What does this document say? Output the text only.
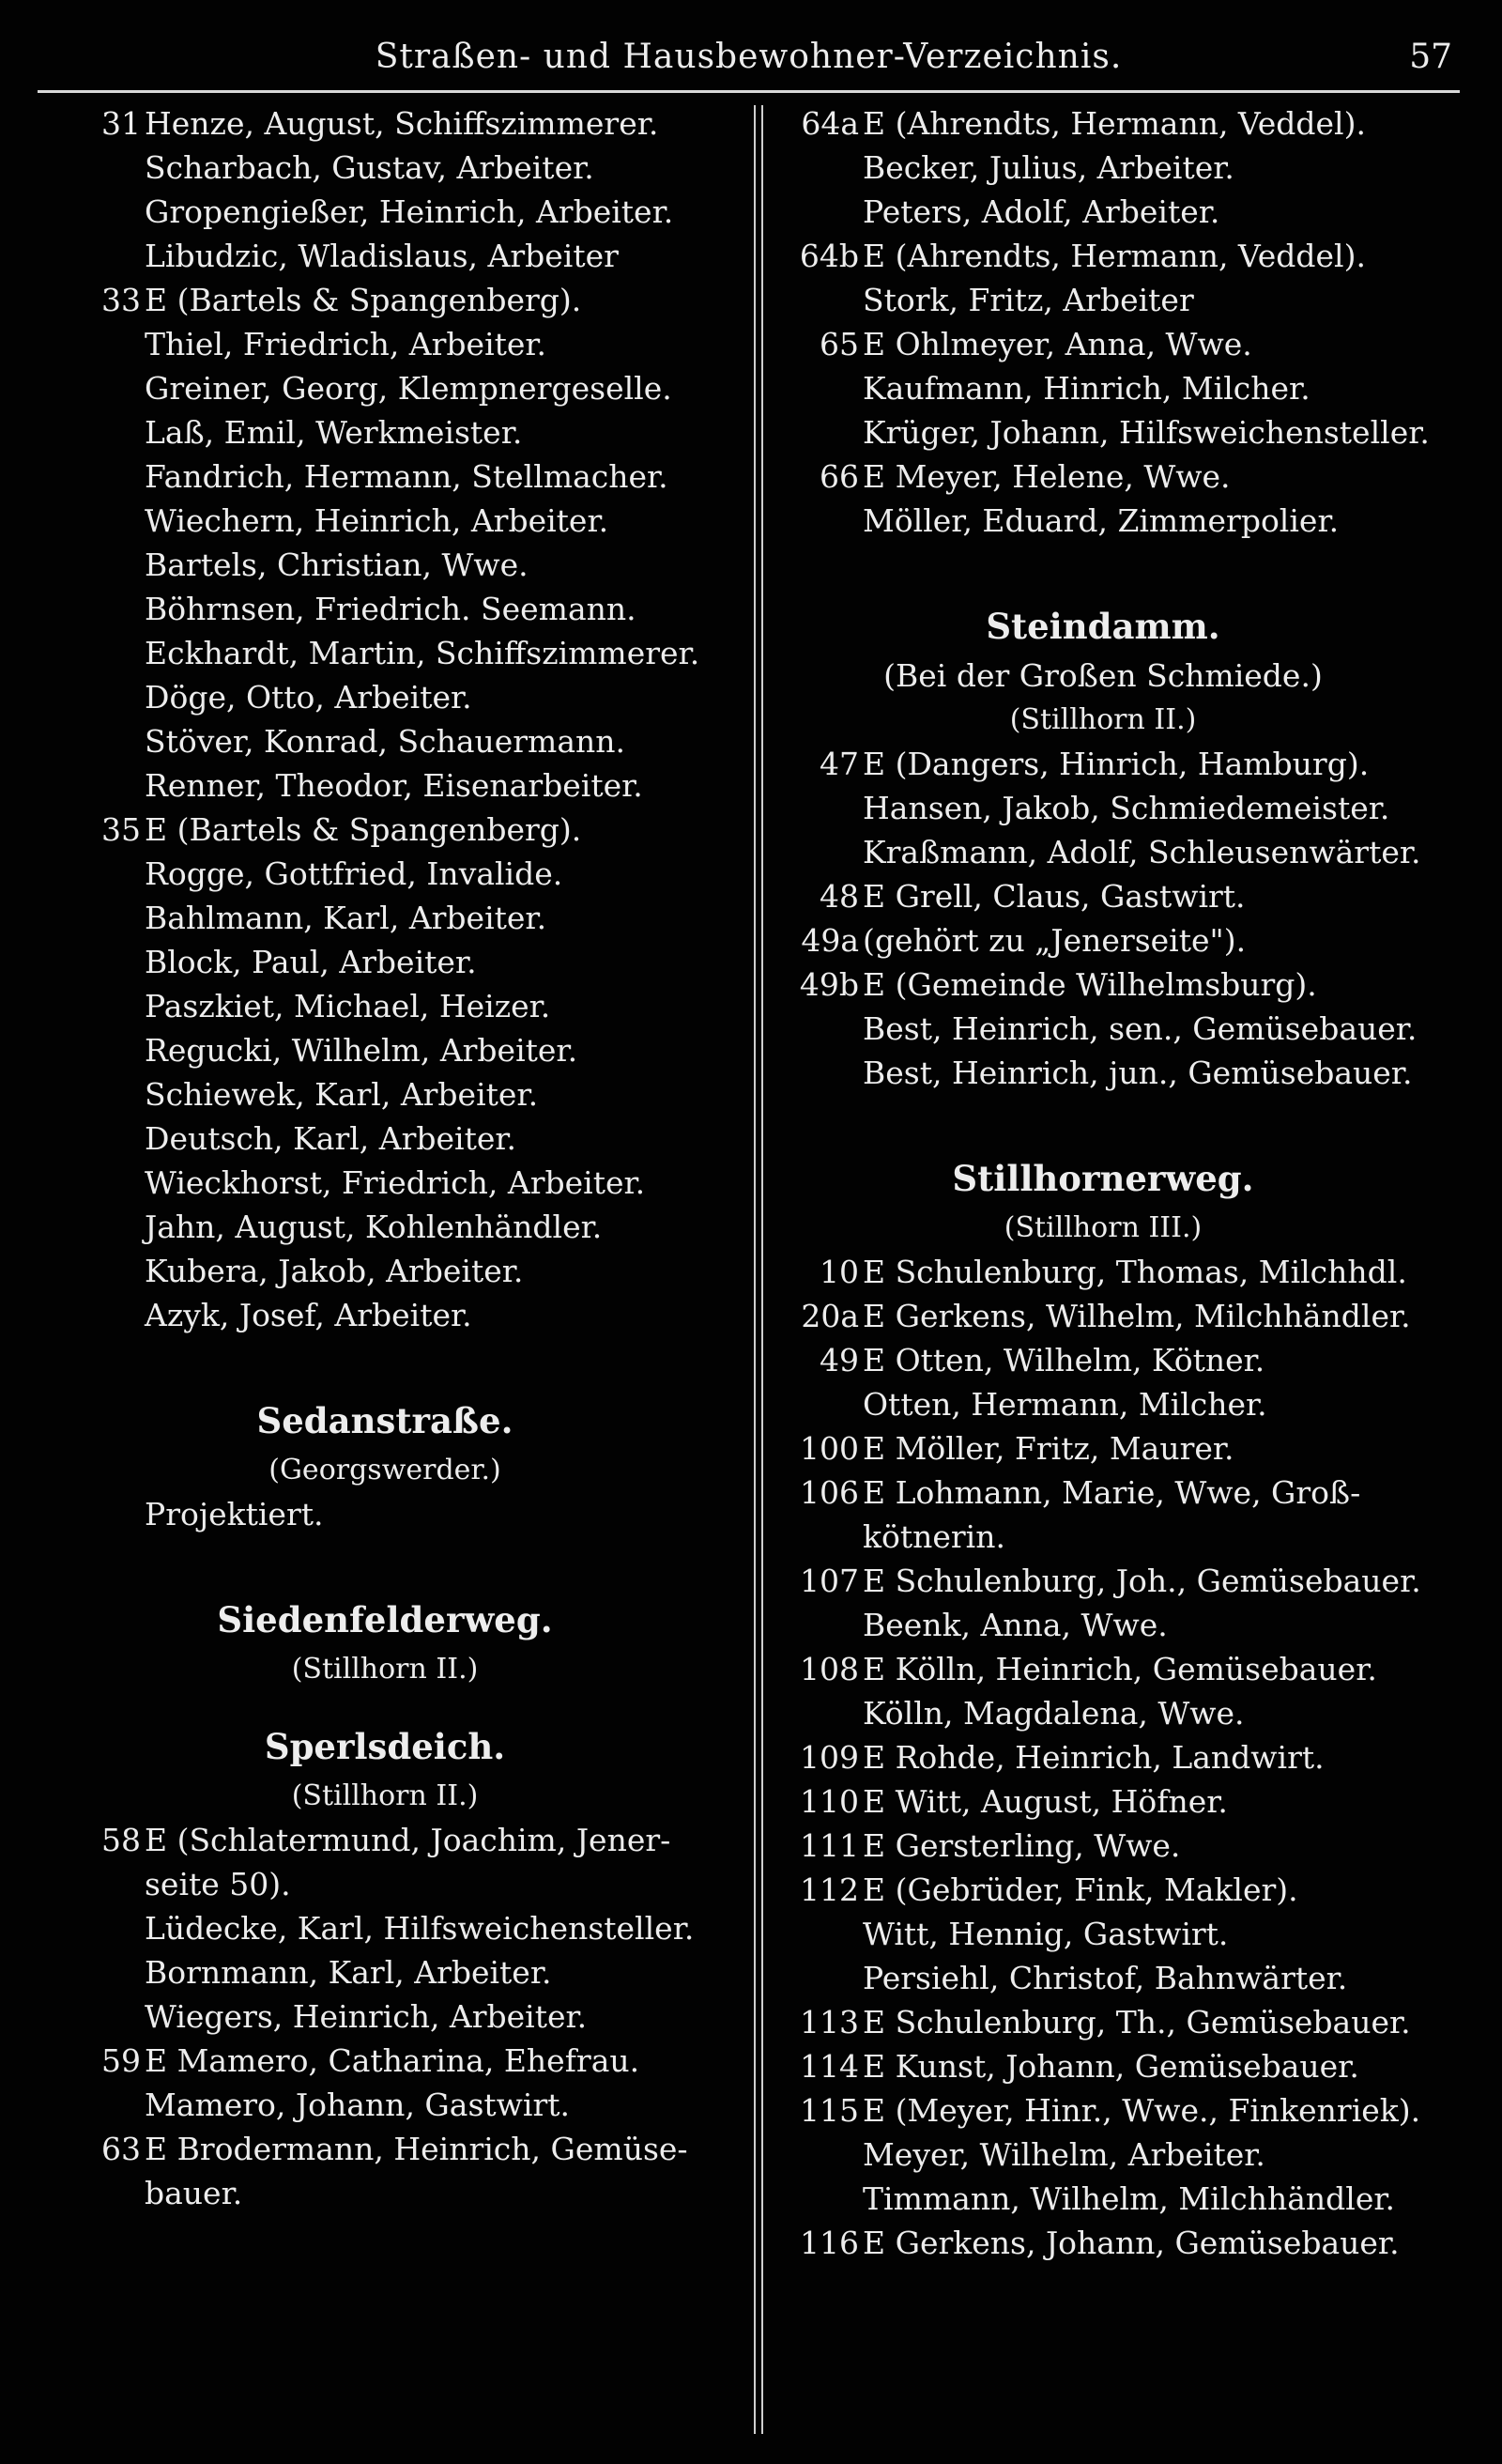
Straßen- und Hausbewohner-Verzeichnis.	57
31 Henze, August, Schiffszimmerer.
Scharbach, Gustav, Arbeiter.
Gropengießer, Heinrich, Arbeiter.
Libudzic, Wladislaus, Arbeiter
33 E (Bartels & Spangenberg).
Thiel, Friedrich, Arbeiter.
Greiner, Georg, Klempnergeselle.
Laß, Emil, Werkmeister.
Fandrich, Hermann, Stellmacher.
Wiechern, Heinrich, Arbeiter.
Bartels, Christian, Wwe.
Böhrnsen, Friedrich. Seemann.
Eckhardt, Martin, Schiffszimmerer.
Döge, Otto, Arbeiter.
Stöver, Konrad, Schauermann.
Renner, Theodor, Eisenarbeiter.
35 E (Bartels & Spangenberg).
Rogge, Gottfried, Invalide.
Bahlmann, Karl, Arbeiter.
Block, Paul, Arbeiter.
Paszkiet, Michael, Heizer.
Regucki, Wilhelm, Arbeiter.
Schiewek, Karl, Arbeiter.
Deutsch, Karl, Arbeiter.
Wieckhorst, Friedrich, Arbeiter.
Jahn, August, Kohlenhändler.
Kubera, Jakob, Arbeiter.
Azyk, Josef, Arbeiter.
Sedanstraße.
(Georgswerder.)
Projektiert.
Siedenfelderweg.
(Stillhorn II.)
Sperlsdeich.
(Stillhorn II.)
58 E (Schlatermund, Joachim, Jener-
seite 50).
Lüdecke, Karl, Hilfsweichensteller.
Bornmann, Karl, Arbeiter.
Wiegers, Heinrich, Arbeiter.
59 E Mamero, Catharina, Ehefrau.
Mamero, Johann, Gastwirt.
63 E Brodermann, Heinrich, Gemüse-
bauer.
64a E (Ahrendts, Hermann, Veddel).
Becker, Julius, Arbeiter.
Peters, Adolf, Arbeiter.
64b E (Ahrendts, Hermann, Veddel).
Stork, Fritz, Arbeiter
65 E Ohlmeyer, Anna, Wwe.
Kaufmann, Hinrich, Milcher.
Krüger, Johann, Hilfsweichensteller.
66 E Meyer, Helene, Wwe.
Möller, Eduard, Zimmerpolier.
Steindamm.
(Bei der Großen Schmiede.)
(Stillhorn II.)
47 E (Dangers, Hinrich, Hamburg).
Hansen, Jakob, Schmiedemeister.
Kraßmann, Adolf, Schleusenwärter.
48 E Grell, Claus, Gastwirt.
49a (gehört zu „Jenerseite").
49b E (Gemeinde Wilhelmsburg).
Best, Heinrich, sen., Gemüsebauer.
Best, Heinrich, jun., Gemüsebauer.
Stillhornerweg.
(Stillhorn III.)
10 E Schulenburg, Thomas, Milchhdl.
20a E Gerkens, Wilhelm, Milchhändler.
49 E Otten, Wilhelm, Kötner.
Otten, Hermann, Milcher.
100 E Möller, Fritz, Maurer.
106 E Lohmann, Marie, Wwe, Groß-
kötnerin.
107 E Schulenburg, Joh., Gemüsebauer.
Beenk, Anna, Wwe.
108 E Kölln, Heinrich, Gemüsebauer.
Kölln, Magdalena, Wwe.
109 E Rohde, Heinrich, Landwirt.
110 E Witt, August, Höfner.
111 E Gersterling, Wwe.
112 E (Gebrüder, Fink, Makler).
Witt, Hennig, Gastwirt.
Persiehl, Christof, Bahnwärter.
113 E Schulenburg, Th., Gemüsebauer.
114 E Kunst, Johann, Gemüsebauer.
115 E (Meyer, Hinr., Wwe., Finkenriek).
Meyer, Wilhelm, Arbeiter.
Timmann, Wilhelm, Milchhändler.
116 E Gerkens, Johann, Gemüsebauer.
